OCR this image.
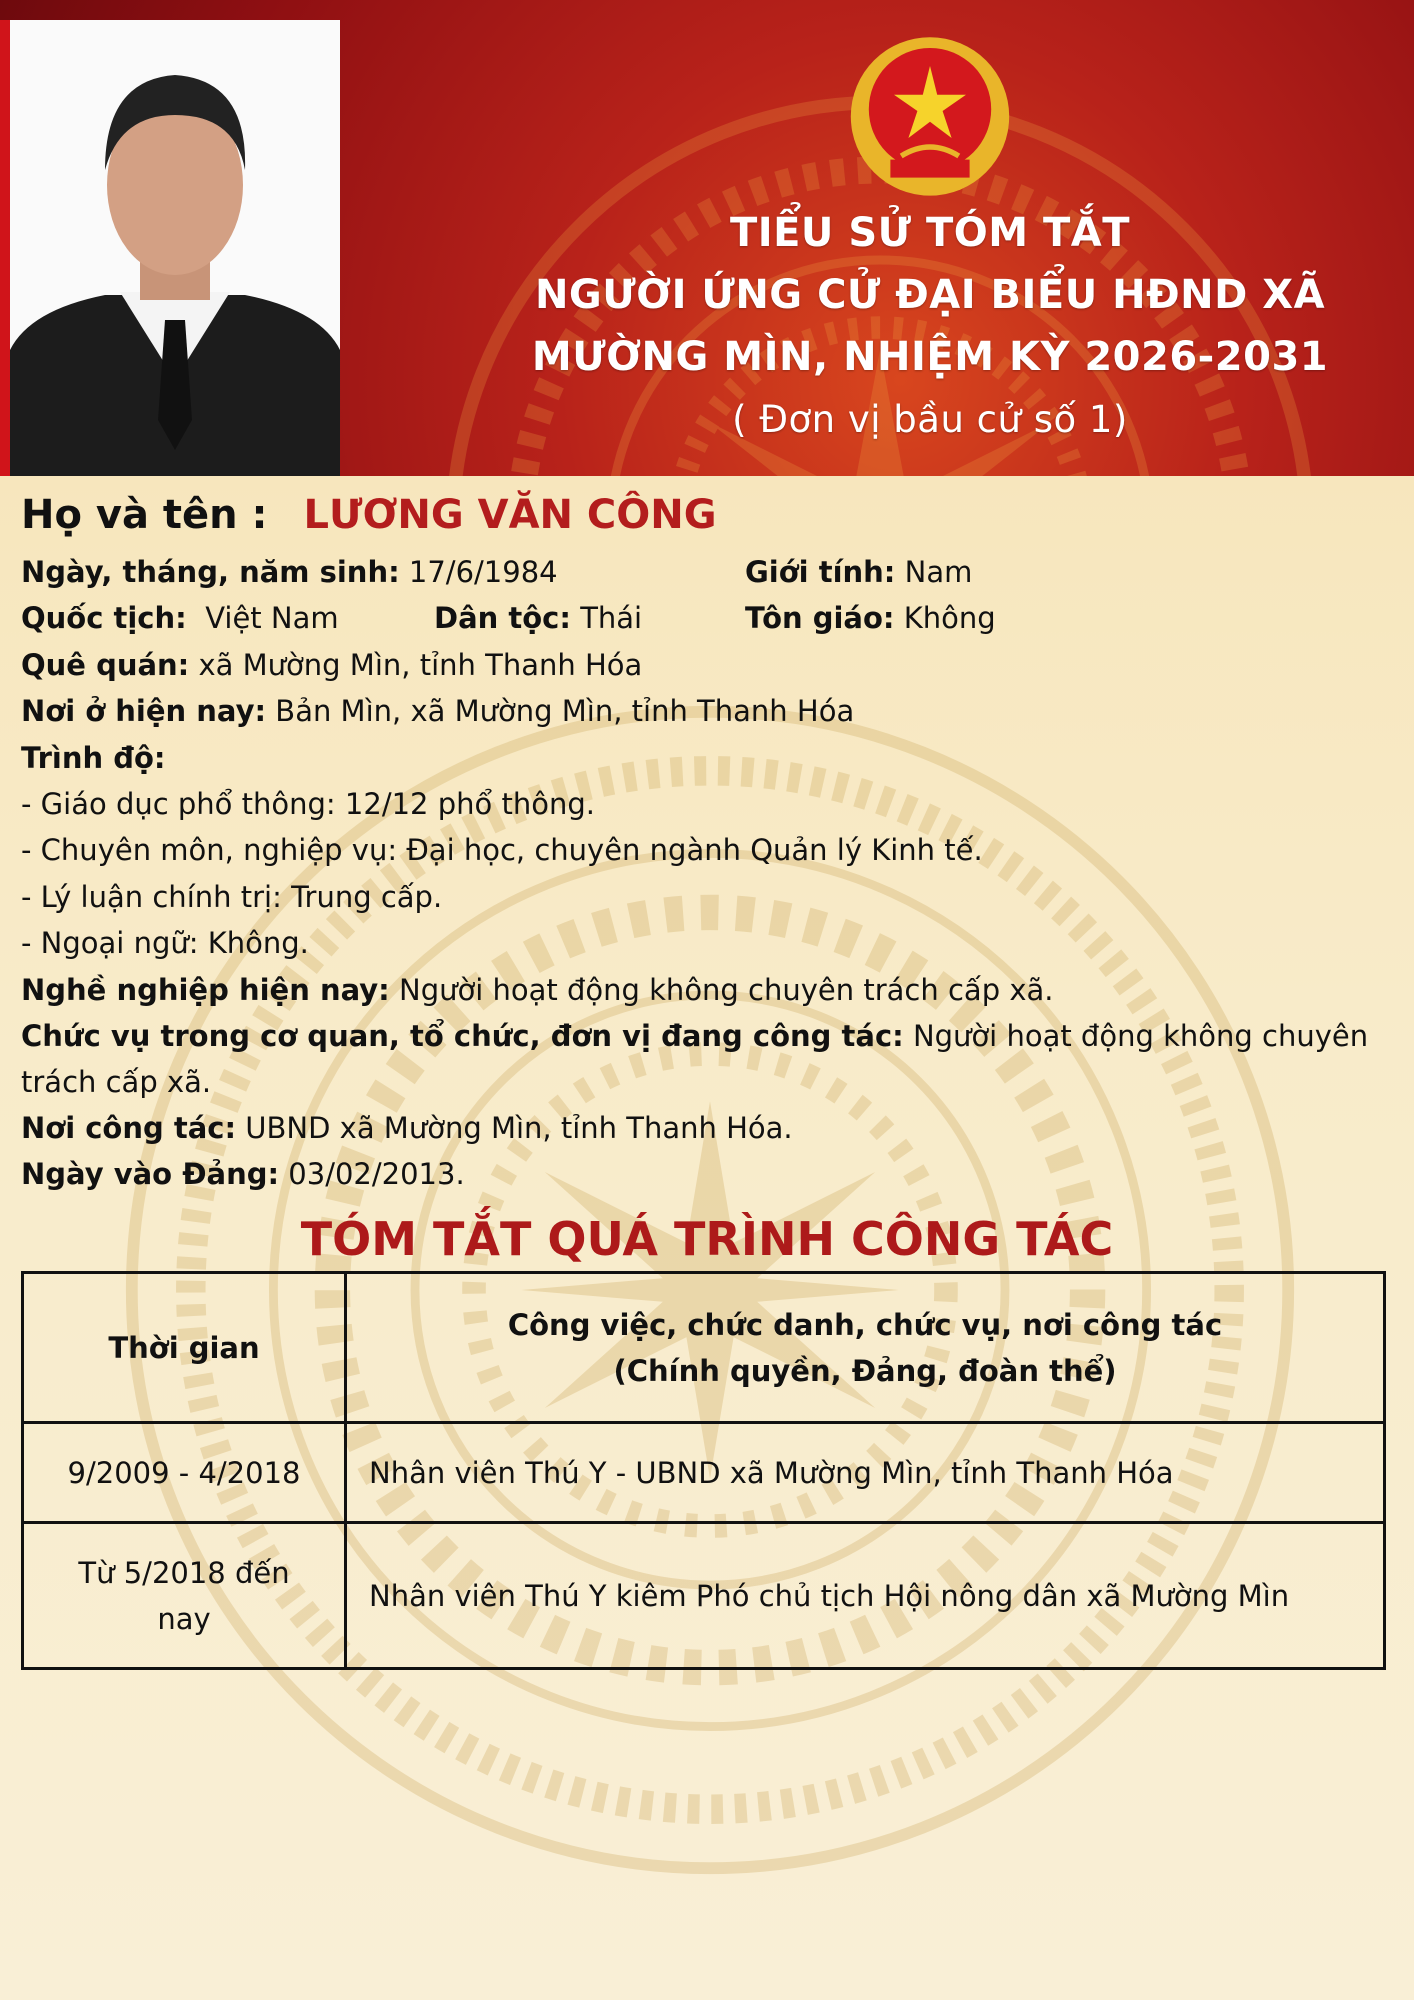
TIỂU SỬ TÓM TẮT
NGƯỜI ỨNG CỬ ĐẠI BIỂU HĐND XÃ
MƯỜNG MÌN, NHIỆM KỲ 2026-2031
( Đơn vị bầu cử số 1)
Họ và tên : LƯƠNG VĂN CÔNG
Ngày, tháng, năm sinh: 17/6/1984	Giới tính: Nam
Quốc tịch: Việt Nam	Dân tộc: Thái	Tôn giáo: Không
Quê quán: xã Mường Mìn, tỉnh Thanh Hóa
Nơi ở hiện nay: Bản Mìn, xã Mường Mìn, tỉnh Thanh Hóa
Trình độ:
- Giáo dục phổ thông: 12/12 phổ thông.
- Chuyên môn, nghiệp vụ: Đại học, chuyên ngành Quản lý Kinh tế.
- Lý luận chính trị: Trung cấp.
- Ngoại ngữ: Không.
Nghề nghiệp hiện nay: Người hoạt động không chuyên trách cấp xã.
Chức vụ trong cơ quan, tổ chức, đơn vị đang công tác: Người hoạt động không chuyên
trách cấp xã.
Nơi công tác: UBND xã Mường Mìn, tỉnh Thanh Hóa.
Ngày vào Đảng: 03/02/2013.
TÓM TẮT QUÁ TRÌNH CÔNG TÁC
Thời gian	Công việc, chức danh, chức vụ, nơi công tác
(Chính quyền, Đảng, đoàn thể)

9/2009 - 4/2018	Nhân viên Thú Y - UBND xã Mường Mìn, tỉnh Thanh Hóa

Từ 5/2018 đến
nay	Nhân viên Thú Y kiêm Phó chủ tịch Hội nông dân xã Mường Mìn
